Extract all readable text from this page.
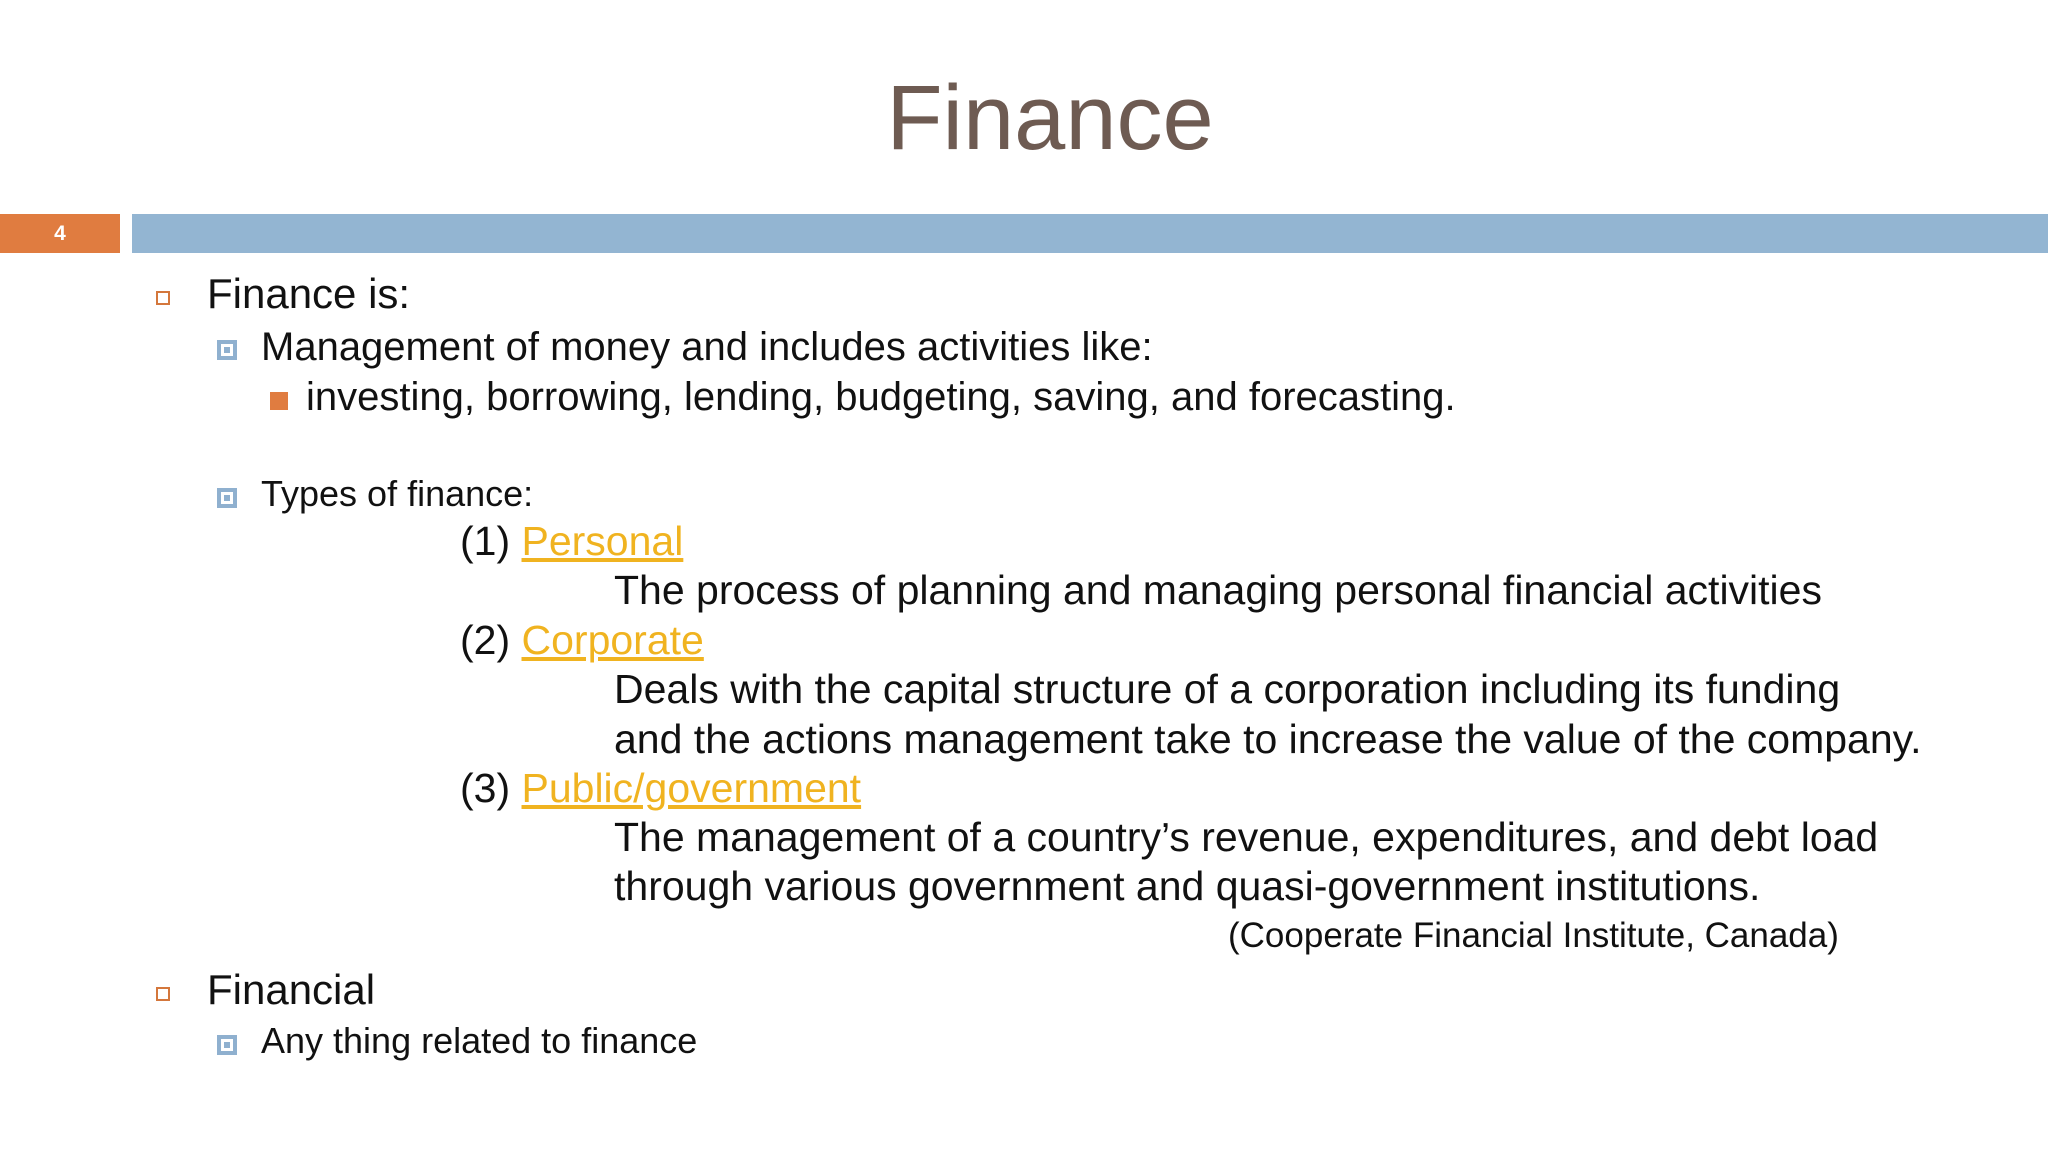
Finance
4
Finance is:
Management of money and includes activities like:
investing, borrowing, lending, budgeting, saving, and forecasting.
Types of finance:
(1) Personal
The process of planning and managing personal financial activities
(2) Corporate
Deals with the capital structure of a corporation including its funding
and the actions management take to increase the value of the company.
(3) Public/government
The management of a country’s revenue, expenditures, and debt load
through various government and quasi-government institutions.
(Cooperate Financial Institute, Canada)
Financial
Any thing related to finance
